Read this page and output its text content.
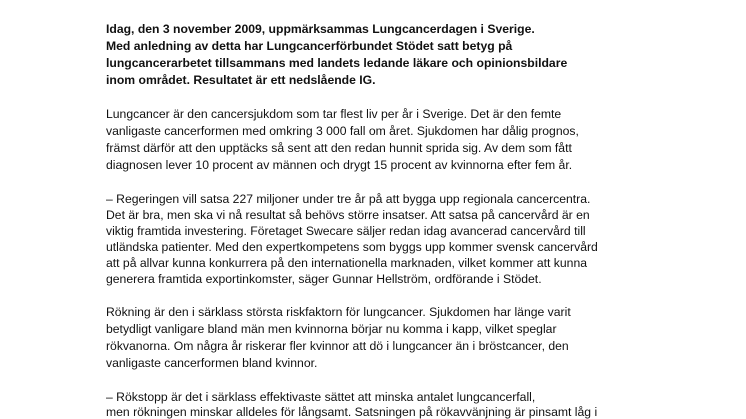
Idag, den 3 november 2009, uppmärksammas Lungcancerdagen i Sverige.
Med anledning av detta har Lungcancerförbundet Stödet satt betyg på
lungcancerarbetet tillsammans med landets ledande läkare och opinionsbildare
inom området. Resultatet är ett nedslående IG.
Lungcancer är den cancersjukdom som tar flest liv per år i Sverige. Det är den femte
vanligaste cancerformen med omkring 3 000 fall om året. Sjukdomen har dålig prognos,
främst därför att den upptäcks så sent att den redan hunnit sprida sig. Av dem som fått
diagnosen lever 10 procent av männen och drygt 15 procent av kvinnorna efter fem år.
– Regeringen vill satsa 227 miljoner under tre år på att bygga upp regionala cancercentra.
Det är bra, men ska vi nå resultat så behövs större insatser. Att satsa på cancervård är en
viktig framtida investering. Företaget Swecare säljer redan idag avancerad cancervård till
utländska patienter. Med den expertkompetens som byggs upp kommer svensk cancervård
att på allvar kunna konkurrera på den internationella marknaden, vilket kommer att kunna
generera framtida exportinkomster, säger Gunnar Hellström, ordförande i Stödet.
Rökning är den i särklass största riskfaktorn för lungcancer. Sjukdomen har länge varit
betydligt vanligare bland män men kvinnorna börjar nu komma i kapp, vilket speglar
rökvanorna. Om några år riskerar fler kvinnor att dö i lungcancer än i bröstcancer, den
vanligaste cancerformen bland kvinnor.
– Rökstopp är det i särklass effektivaste sättet att minska antalet lungcancerfall,
men rökningen minskar alldeles för långsamt. Satsningen på rökavvänjning är pinsamt låg i
